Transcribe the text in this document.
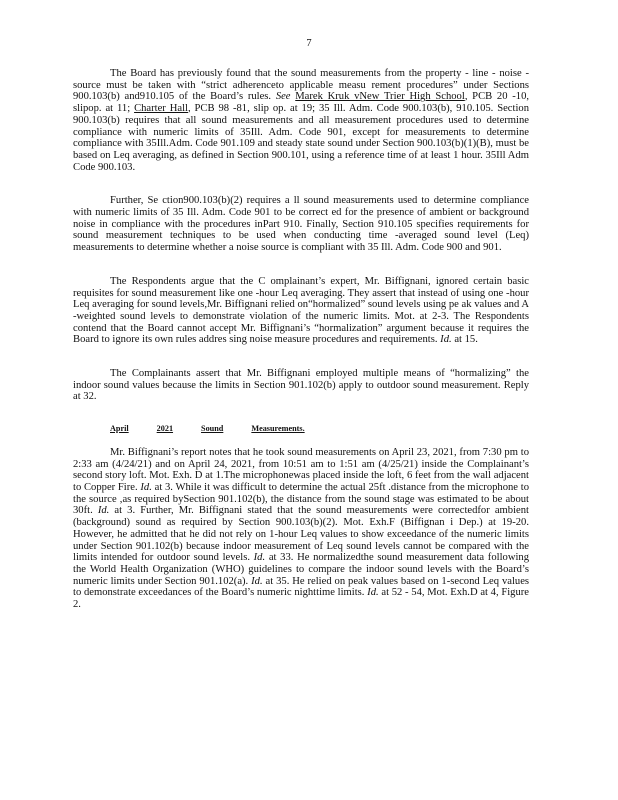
7

The Board has previously found that the sound measurements from the property - line - noise -source must be taken with “strict adherenceto applicable measu rement procedures” under Sections 900.103(b) and910.105 of the Board’s rules. See Marek Kruk vNew Trier High School, PCB 20 -10, slipop. at 11; Charter Hall, PCB 98 -81, slip op. at 19; 35 Ill. Adm. Code 900.103(b), 910.105. Section 900.103(b) requires that all sound measurements and all measurement procedures used to determine compliance with numeric limits of 35Ill. Adm. Code 901, except for measurements to determine compliance with 35Ill.Adm. Code 901.109 and steady state sound under Section 900.103(b)(1)(B), must be based on Leq averaging, as defined in Section 900.101, using a reference time of at least 1 hour. 35Ill Adm Code 900.103.

Further, Se ction900.103(b)(2) requires a ll sound measurements used to determine compliance with numeric limits of 35 Ill. Adm. Code 901 to be correct ed for the presence of ambient or background noise in compliance with the procedures inPart 910. Finally, Section 910.105 specifies requirements for sound measurement techniques to be used when conducting time -averaged sound level (Leq) measurements to determine whether a noise source is compliant with 35 Ill. Adm. Code 900 and 901.

The Respondents argue that the C omplainant’s expert, Mr. Biffignani, ignored certain basic requisites for sound measurement like one -hour Leq averaging. They assert that instead of using one -hour Leq averaging for sound levels,Mr. Biffignani relied on“hormalized” sound levels using pe ak values and A -weighted sound levels to demonstrate violation of the numeric limits. Mot. at 2-3. The Respondents contend that the Board cannot accept Mr. Biffignani’s “hormalization” argument because it requires the Board to ignore its own rules addres sing noise measure procedures and requirements. Id. at 15.

The Complainants assert that Mr. Biffignani employed multiple means of “hormalizing” the indoor sound values because the limits in Section 901.102(b) apply to outdoor sound measurement. Reply at 32.

April	2021	Sound	Measurements.

Mr. Biffignani’s report notes that he took sound measurements on April 23, 2021, from 7:30 pm to 2:33 am (4/24/21) and on April 24, 2021, from 10:51 am to 1:51 am (4/25/21) inside the Complainant’s second story loft. Mot. Exh. D at 1.The microphonewas placed inside the loft, 6 feet from the wall adjacent to Copper Fire. Id. at 3. While it was difficult to determine the actual 25ft .distance from the microphone to the source ,as required bySection 901.102(b), the distance from the sound stage was estimated to be about 30ft. Id. at 3. Further, Mr. Biffignani stated that the sound measurements were correctedfor ambient (background) sound as required by Section 900.103(b)(2). Mot. Exh.F (Biffignan i Dep.) at 19-20. However, he admitted that he did not rely on 1-hour Leq values to show exceedance of the numeric limits under Section 901.102(b) because indoor measurement of Leq sound levels cannot be compared with the limits intended for outdoor sound levels. Id. at 33. He normalizedthe sound measurement data following the World Health Organization (WHO) guidelines to compare the indoor sound levels with the Board’s numeric limits under Section 901.102(a). Id. at 35. He relied on peak values based on 1-second Leq values to demonstrate exceedances of the Board’s numeric nighttime limits. Id. at 52 - 54, Mot. Exh.D at 4, Figure 2.
